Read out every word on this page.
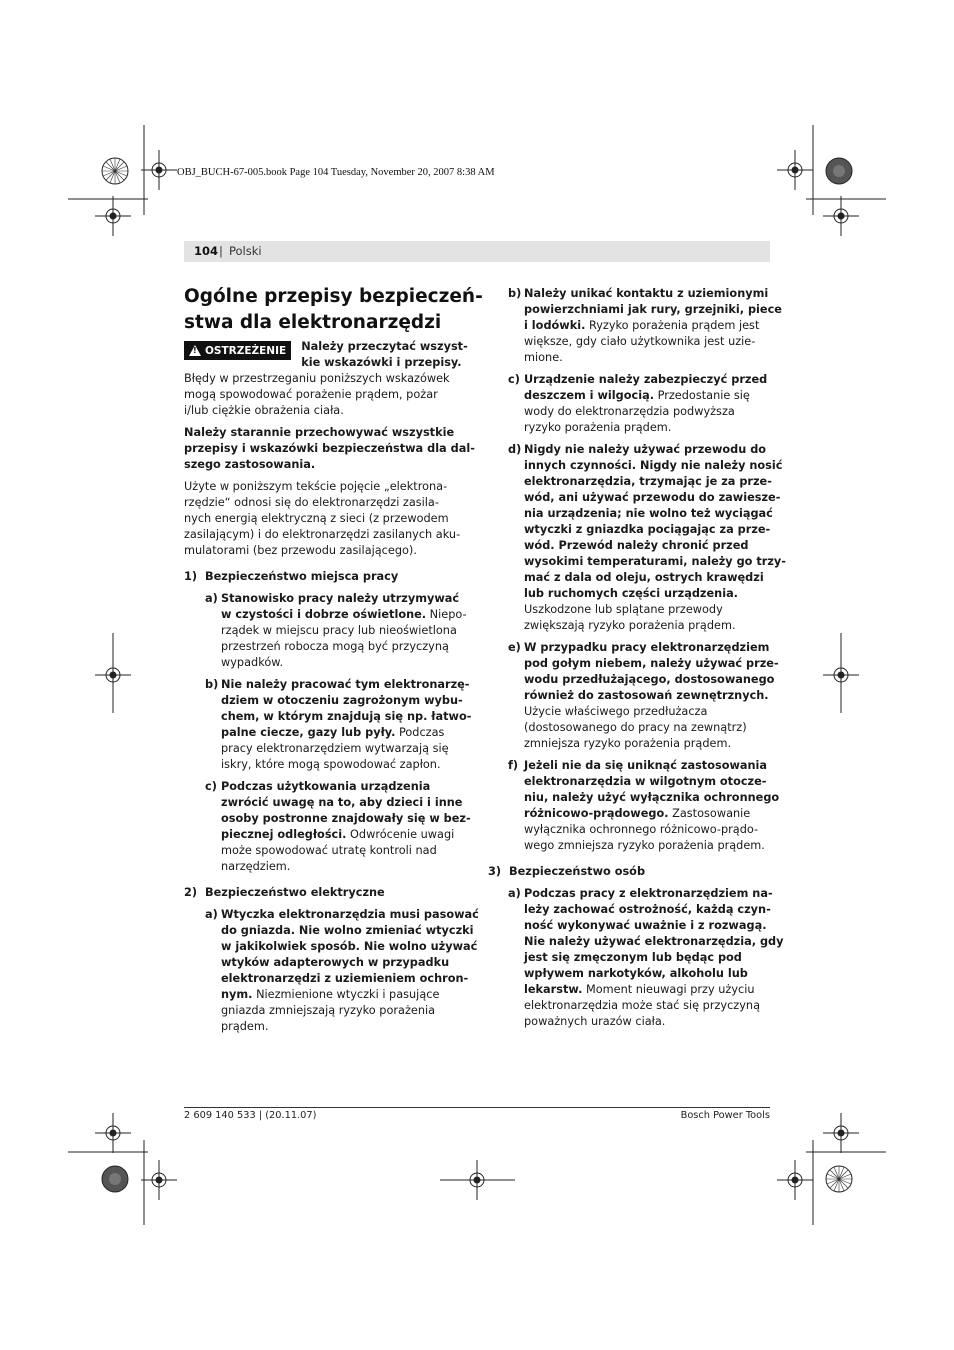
OBJ_BUCH-67-005.book Page 104 Tuesday, November 20, 2007 8:38 AM
104 | Polski
Ogólne przepisy bezpieczeń-
stwa dla elektronarzędzi
!
OSTRZEŻENIE Należy przeczytać wszyst-
kie wskazówki i przepisy.
Błędy w przestrzeganiu poniższych wskazówek
mogą spowodować porażenie prądem, pożar
i/lub ciężkie obrażenia ciała.
Należy starannie przechowywać wszystkie
przepisy i wskazówki bezpieczeństwa dla dal-
szego zastosowania.
Użyte w poniższym tekście pojęcie „elektrona-
rzędzie“ odnosi się do elektronarzędzi zasila-
nych energią elektryczną z sieci (z przewodem
zasilającym) i do elektronarzędzi zasilanych aku-
mulatorami (bez przewodu zasilającego).
1) Bezpieczeństwo miejsca pracy
a) Stanowisko pracy należy utrzymywać
w czystości i dobrze oświetlone. Niepo-
rządek w miejscu pracy lub nieoświetlona
przestrzeń robocza mogą być przyczyną
wypadków.
b) Nie należy pracować tym elektronarzę-
dziem w otoczeniu zagrożonym wybu-
chem, w którym znajdują się np. łatwo-
palne ciecze, gazy lub pyły. Podczas
pracy elektronarzędziem wytwarzają się
iskry, które mogą spowodować zapłon.
c) Podczas użytkowania urządzenia
zwrócić uwagę na to, aby dzieci i inne
osoby postronne znajdowały się w bez-
piecznej odległości. Odwrócenie uwagi
może spowodować utratę kontroli nad
narzędziem.
2) Bezpieczeństwo elektryczne
a) Wtyczka elektronarzędzia musi pasować
do gniazda. Nie wolno zmieniać wtyczki
w jakikolwiek sposób. Nie wolno używać
wtyków adapterowych w przypadku
elektronarzędzi z uziemieniem ochron-
nym. Niezmienione wtyczki i pasujące
gniazda zmniejszają ryzyko porażenia
prądem.
b) Należy unikać kontaktu z uziemionymi
powierzchniami jak rury, grzejniki, piece
i lodówki. Ryzyko porażenia prądem jest
większe, gdy ciało użytkownika jest uzie-
mione.
c) Urządzenie należy zabezpieczyć przed
deszczem i wilgocią. Przedostanie się
wody do elektronarzędzia podwyższa
ryzyko porażenia prądem.
d) Nigdy nie należy używać przewodu do
innych czynności. Nigdy nie należy nosić
elektronarzędzia, trzymając je za prze-
wód, ani używać przewodu do zawiesze-
nia urządzenia; nie wolno też wyciągać
wtyczki z gniazdka pociągając za prze-
wód. Przewód należy chronić przed
wysokimi temperaturami, należy go trzy-
mać z dala od oleju, ostrych krawędzi
lub ruchomych części urządzenia.
Uszkodzone lub splątane przewody
zwiększają ryzyko porażenia prądem.
e) W przypadku pracy elektronarzędziem
pod gołym niebem, należy używać prze-
wodu przedłużającego, dostosowanego
również do zastosowań zewnętrznych.
Użycie właściwego przedłużacza
(dostosowanego do pracy na zewnątrz)
zmniejsza ryzyko porażenia prądem.
f) Jeżeli nie da się uniknąć zastosowania
elektronarzędzia w wilgotnym otocze-
niu, należy użyć wyłącznika ochronnego
różnicowo-prądowego. Zastosowanie
wyłącznika ochronnego różnicowo-prądo-
wego zmniejsza ryzyko porażenia prądem.
3) Bezpieczeństwo osób
a) Podczas pracy z elektronarzędziem na-
leży zachować ostrożność, każdą czyn-
ność wykonywać uważnie i z rozwagą.
Nie należy używać elektronarzędzia, gdy
jest się zmęczonym lub będąc pod
wpływem narkotyków, alkoholu lub
lekarstw. Moment nieuwagi przy użyciu
elektronarzędzia może stać się przyczyną
poważnych urazów ciała.
2 609 140 533 | (20.11.07)	Bosch Power Tools
